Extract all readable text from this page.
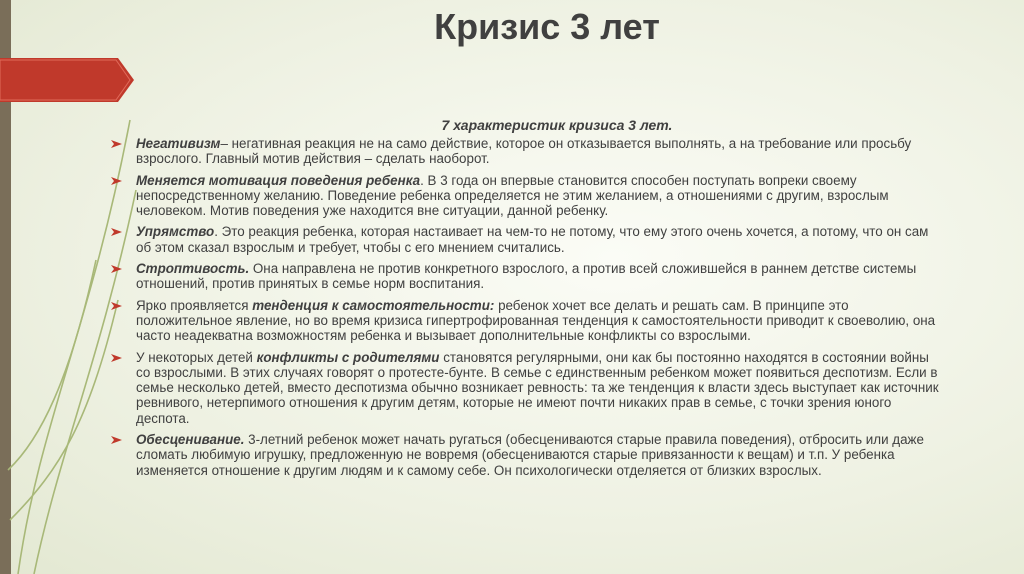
Кризис 3 лет
7 характеристик кризиса 3 лет.
Негативизм– негативная реакция не на само действие, которое он отказывается выполнять, а на требование или просьбу взрослого. Главный мотив действия – сделать наоборот.
Меняется мотивация поведения ребенка. В 3 года он впервые становится способен поступать вопреки своему непосредственному желанию. Поведение ребенка определяется не этим желанием, а отношениями с другим, взрослым человеком. Мотив поведения уже находится вне ситуации, данной ребенку.
Упрямство. Это реакция ребенка, которая настаивает на чем-то не потому, что ему этого очень хочется, а потому, что он сам об этом сказал взрослым и требует, чтобы с его мнением считались.
Строптивость. Она направлена не против конкретного взрослого, а против всей сложившейся в раннем детстве системы отношений, против принятых в семье норм воспитания.
Ярко проявляется тенденция к самостоятельности: ребенок хочет все делать и решать сам. В принципе это положительное явление, но во время кризиса гипертрофированная тенденция к самостоятельности приводит к своеволию, она часто неадекватна возможностям ребенка и вызывает дополнительные конфликты со взрослыми.
У некоторых детей конфликты с родителями становятся регулярными, они как бы постоянно находятся в состоянии войны со взрослыми. В этих случаях говорят о протесте-бунте. В семье с единственным ребенком может появиться деспотизм. Если в семье несколько детей, вместо деспотизма обычно возникает ревность: та же тенденция к власти здесь выступает как источник ревнивого, нетерпимого отношения к другим детям, которые не имеют почти никаких прав в семье, с точки зрения юного деспота.
Обесценивание. 3-летний ребенок может начать ругаться (обесцениваются старые правила поведения), отбросить или даже сломать любимую игрушку, предложенную не вовремя (обесцениваются старые привязанности к вещам) и т.п. У ребенка изменяется отношение к другим людям и к самому себе. Он психологически отделяется от близких взрослых.
